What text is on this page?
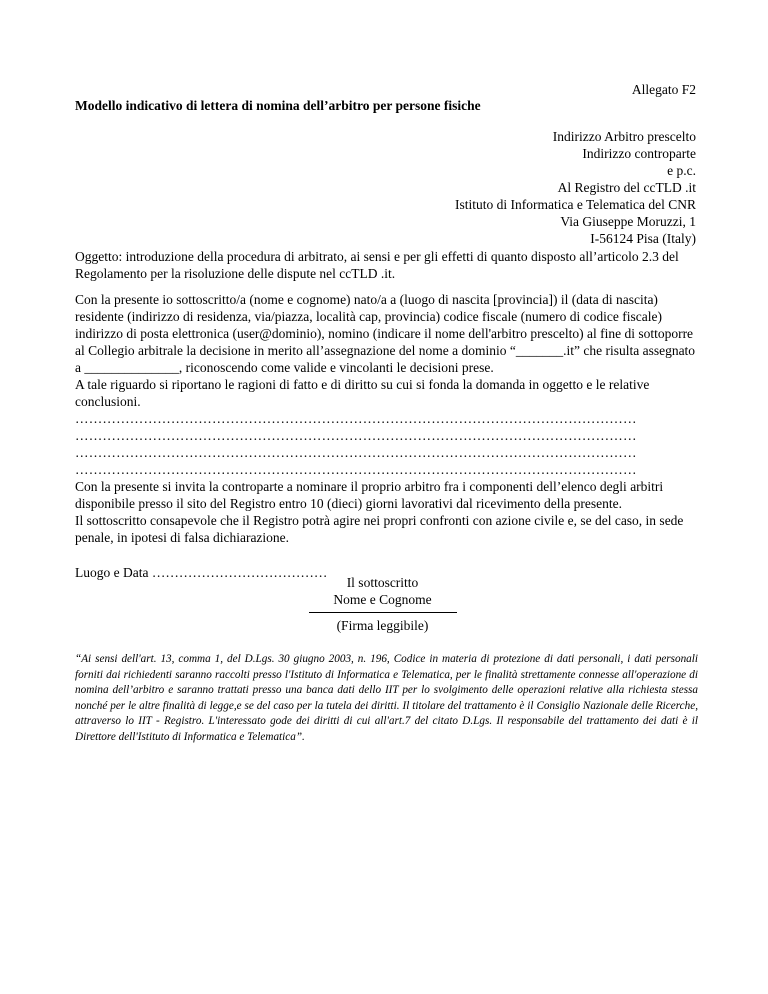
Allegato F2
Modello indicativo di lettera di nomina dell’arbitro per persone fisiche
Indirizzo Arbitro prescelto
Indirizzo controparte
e p.c.
Al Registro del ccTLD .it
Istituto di Informatica e Telematica del CNR
Via Giuseppe Moruzzi, 1
I-56124 Pisa (Italy)
Oggetto: introduzione della procedura di arbitrato, ai sensi e per gli effetti di quanto disposto all’articolo 2.3 del Regolamento per la risoluzione delle dispute nel ccTLD .it.

Con la presente io sottoscritto/a (nome e cognome) nato/a a (luogo di nascita [provincia]) il (data di nascita) residente (indirizzo di residenza, via/piazza, località cap, provincia) codice fiscale (numero di codice fiscale) indirizzo di posta elettronica (user@dominio), nomino (indicare il nome dell'arbitro prescelto) al fine di sottoporre al Collegio arbitrale la decisione in merito all’assegnazione del nome a dominio “_______.it” che risulta assegnato a ______________, riconoscendo come valide e vincolanti le decisioni prese.

A tale riguardo si riportano le ragioni di fatto e di diritto su cui si fonda la domanda in oggetto e le relative conclusioni.

……………………………………………………………………………………………………………
……………………………………………………………………………………………………………
……………………………………………………………………………………………………………
……………………………………………………………………………………………………………

Con la presente si invita la controparte a nominare il proprio arbitro fra i componenti dell’elenco degli arbitri disponibile presso il sito del Registro entro 10 (dieci) giorni lavorativi dal ricevimento della presente.

Il sottoscritto consapevole che il Registro potrà agire nei propri confronti con azione civile e, se del caso, in sede penale, in ipotesi di falsa dichiarazione.

Luogo e Data …………………………………
Il sottoscritto
Nome e Cognome
(Firma leggibile)
“Ai sensi dell'art. 13, comma 1, del D.Lgs. 30 giugno 2003, n. 196, Codice in materia di protezione di dati personali, i dati personali forniti dai richiedenti saranno raccolti presso l'Istituto di Informatica e Telematica, per le finalità strettamente connesse all'operazione di nomina dell’arbitro e saranno trattati presso una banca dati dello IIT per lo svolgimento delle operazioni relative alla richiesta stessa nonché per le altre finalità di legge,e se del caso per la tutela dei diritti. Il titolare del trattamento è il Consiglio Nazionale delle Ricerche, attraverso lo IIT - Registro. L'interessato gode dei diritti di cui all'art.7 del citato D.Lgs. Il responsabile del trattamento dei dati è il Direttore dell'Istituto di Informatica e Telematica”.
